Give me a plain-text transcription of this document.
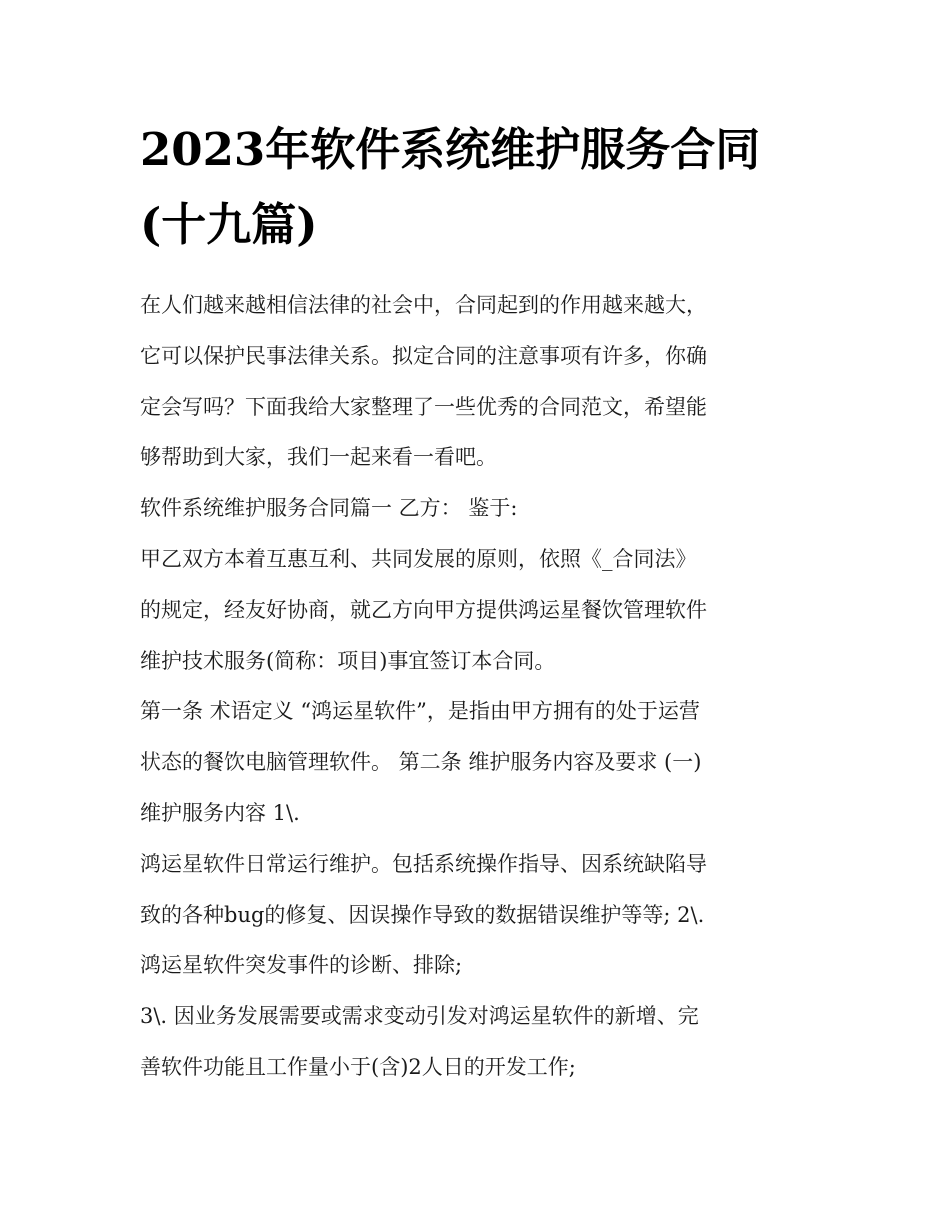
2023年软件系统维护服务合同
(十九篇)
在人们越来越相信法律的社会中，合同起到的作用越来越大，
它可以保护民事法律关系。拟定合同的注意事项有许多，你确
定会写吗？下面我给大家整理了一些优秀的合同范文，希望能
够帮助到大家，我们一起来看一看吧。
软件系统维护服务合同篇一 乙方： 鉴于:
甲乙双方本着互惠互利、共同发展的原则，依照《_合同法》
的规定，经友好协商，就乙方向甲方提供鸿运星餐饮管理软件
维护技术服务(简称：项目)事宜签订本合同。
第一条 术语定义 “鸿运星软件”，是指由甲方拥有的处于运营
状态的餐饮电脑管理软件。 第二条 维护服务内容及要求 (一)
维护服务内容 1\.
鸿运星软件日常运行维护。包括系统操作指导、因系统缺陷导
致的各种bug的修复、因误操作导致的数据错误维护等等; 2\.
鸿运星软件突发事件的诊断、排除;
3\. 因业务发展需要或需求变动引发对鸿运星软件的新增、完
善软件功能且工作量小于(含)2人日的开发工作;
